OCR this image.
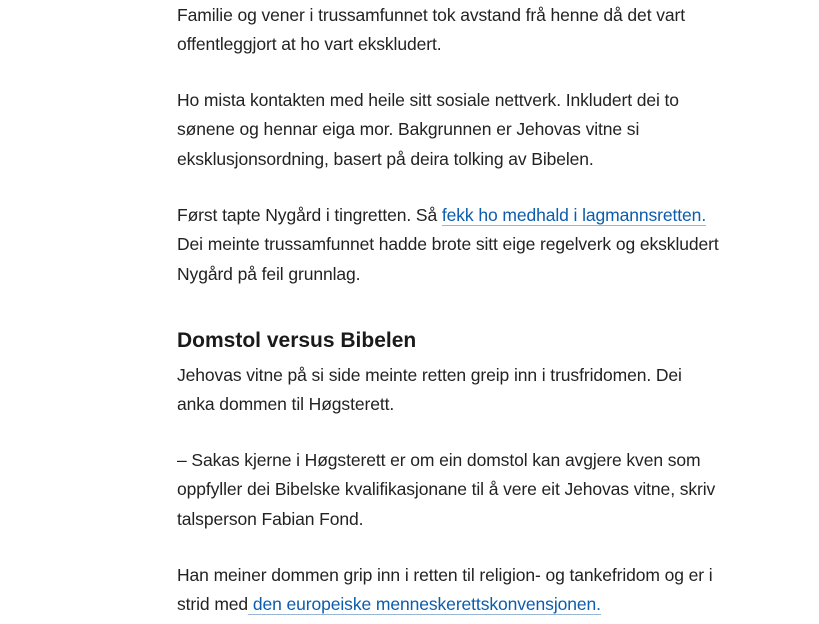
Familie og vener i trussamfunnet tok avstand frå henne då det vart offentleggjort at ho vart ekskludert.

Ho mista kontakten med heile sitt sosiale nettverk. Inkludert dei to sønene og hennar eiga mor. Bakgrunnen er Jehovas vitne si eksklusjonsordning, basert på deira tolking av Bibelen.

Først tapte Nygård i tingretten. Så fekk ho medhald i lagmannsretten. Dei meinte trussamfunnet hadde brote sitt eige regelverk og ekskludert Nygård på feil grunnlag.

Domstol versus Bibelen

Jehovas vitne på si side meinte retten greip inn i trusfridomen. Dei anka dommen til Høgsterett.

– Sakas kjerne i Høgsterett er om ein domstol kan avgjere kven som oppfyller dei Bibelske kvalifikasjonane til å vere eit Jehovas vitne, skriv talsperson Fabian Fond.

Han meiner dommen grip inn i retten til religion- og tankefridom og er i strid med den europeiske menneskerettskonvensjonen.
